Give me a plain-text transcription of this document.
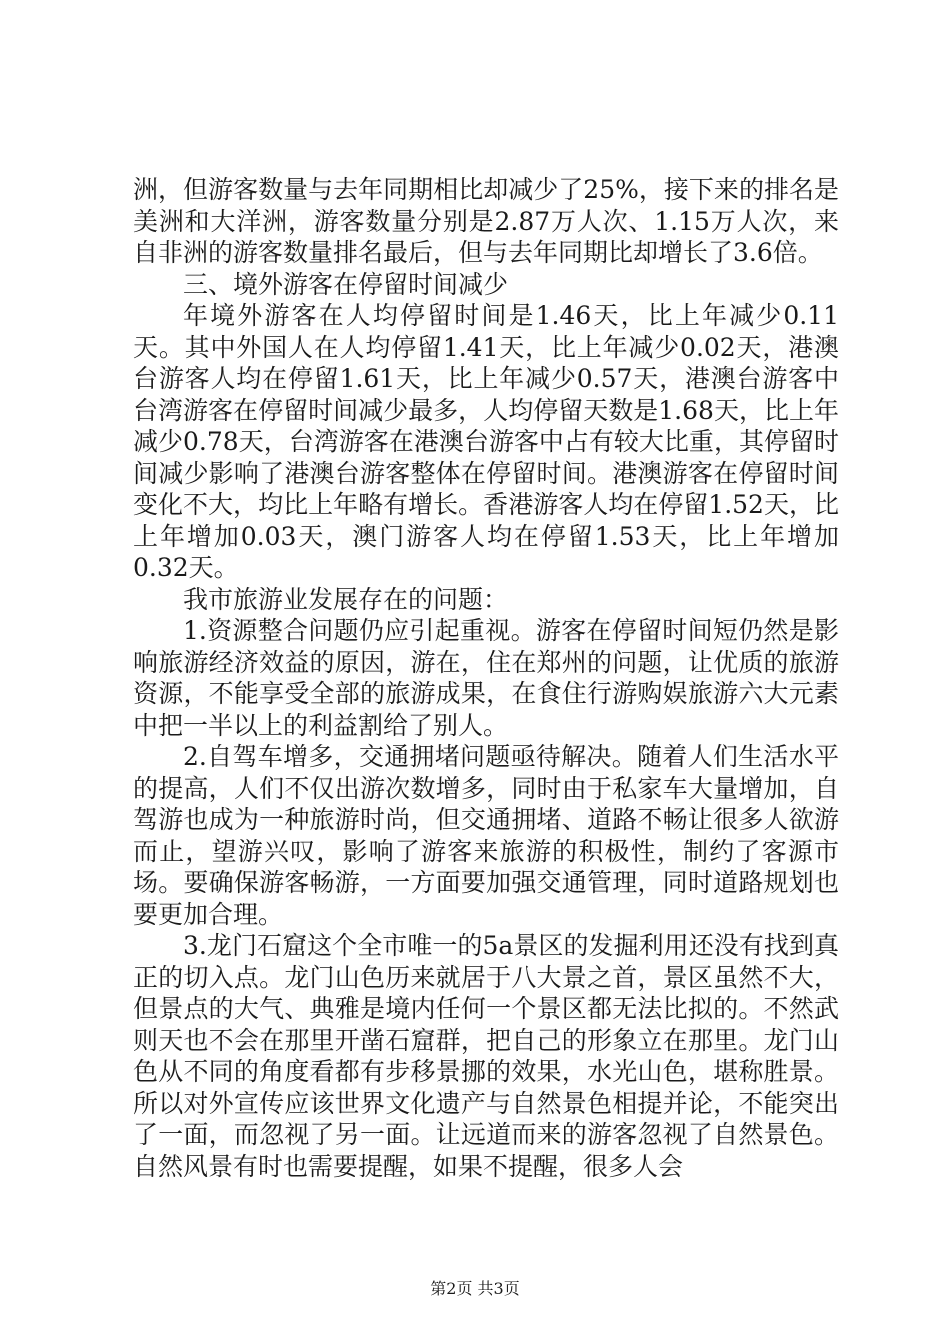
洲，但游客数量与去年同期相比却减少了25%，接下来的排名是美洲和大洋洲，游客数量分别是2.87万人次、1.15万人次，来自非洲的游客数量排名最后，但与去年同期比却增长了3.6倍。

三、境外游客在停留时间减少

年境外游客在人均停留时间是1.46天，比上年减少0.11天。其中外国人在人均停留1.41天，比上年减少0.02天，港澳台游客人均在停留1.61天，比上年减少0.57天，港澳台游客中台湾游客在停留时间减少最多，人均停留天数是1.68天，比上年减少0.78天，台湾游客在港澳台游客中占有较大比重，其停留时间减少影响了港澳台游客整体在停留时间。港澳游客在停留时间变化不大，均比上年略有增长。香港游客人均在停留1.52天，比上年增加0.03天，澳门游客人均在停留1.53天，比上年增加0.32天。

我市旅游业发展存在的问题：

1.资源整合问题仍应引起重视。游客在停留时间短仍然是影响旅游经济效益的原因，游在，住在郑州的问题，让优质的旅游资源，不能享受全部的旅游成果，在食住行游购娱旅游六大元素中把一半以上的利益割给了别人。

2.自驾车增多，交通拥堵问题亟待解决。随着人们生活水平的提高，人们不仅出游次数增多，同时由于私家车大量增加，自驾游也成为一种旅游时尚，但交通拥堵、道路不畅让很多人欲游而止，望游兴叹，影响了游客来旅游的积极性，制约了客源市场。要确保游客畅游，一方面要加强交通管理，同时道路规划也要更加合理。

3.龙门石窟这个全市唯一的5a景区的发掘利用还没有找到真正的切入点。龙门山色历来就居于八大景之首，景区虽然不大，但景点的大气、典雅是境内任何一个景区都无法比拟的。不然武则天也不会在那里开凿石窟群，把自己的形象立在那里。龙门山色从不同的角度看都有步移景挪的效果，水光山色，堪称胜景。所以对外宣传应该世界文化遗产与自然景色相提并论，不能突出了一面，而忽视了另一面。让远道而来的游客忽视了自然景色。自然风景有时也需要提醒，如果不提醒，很多人会

第2页 共3页
